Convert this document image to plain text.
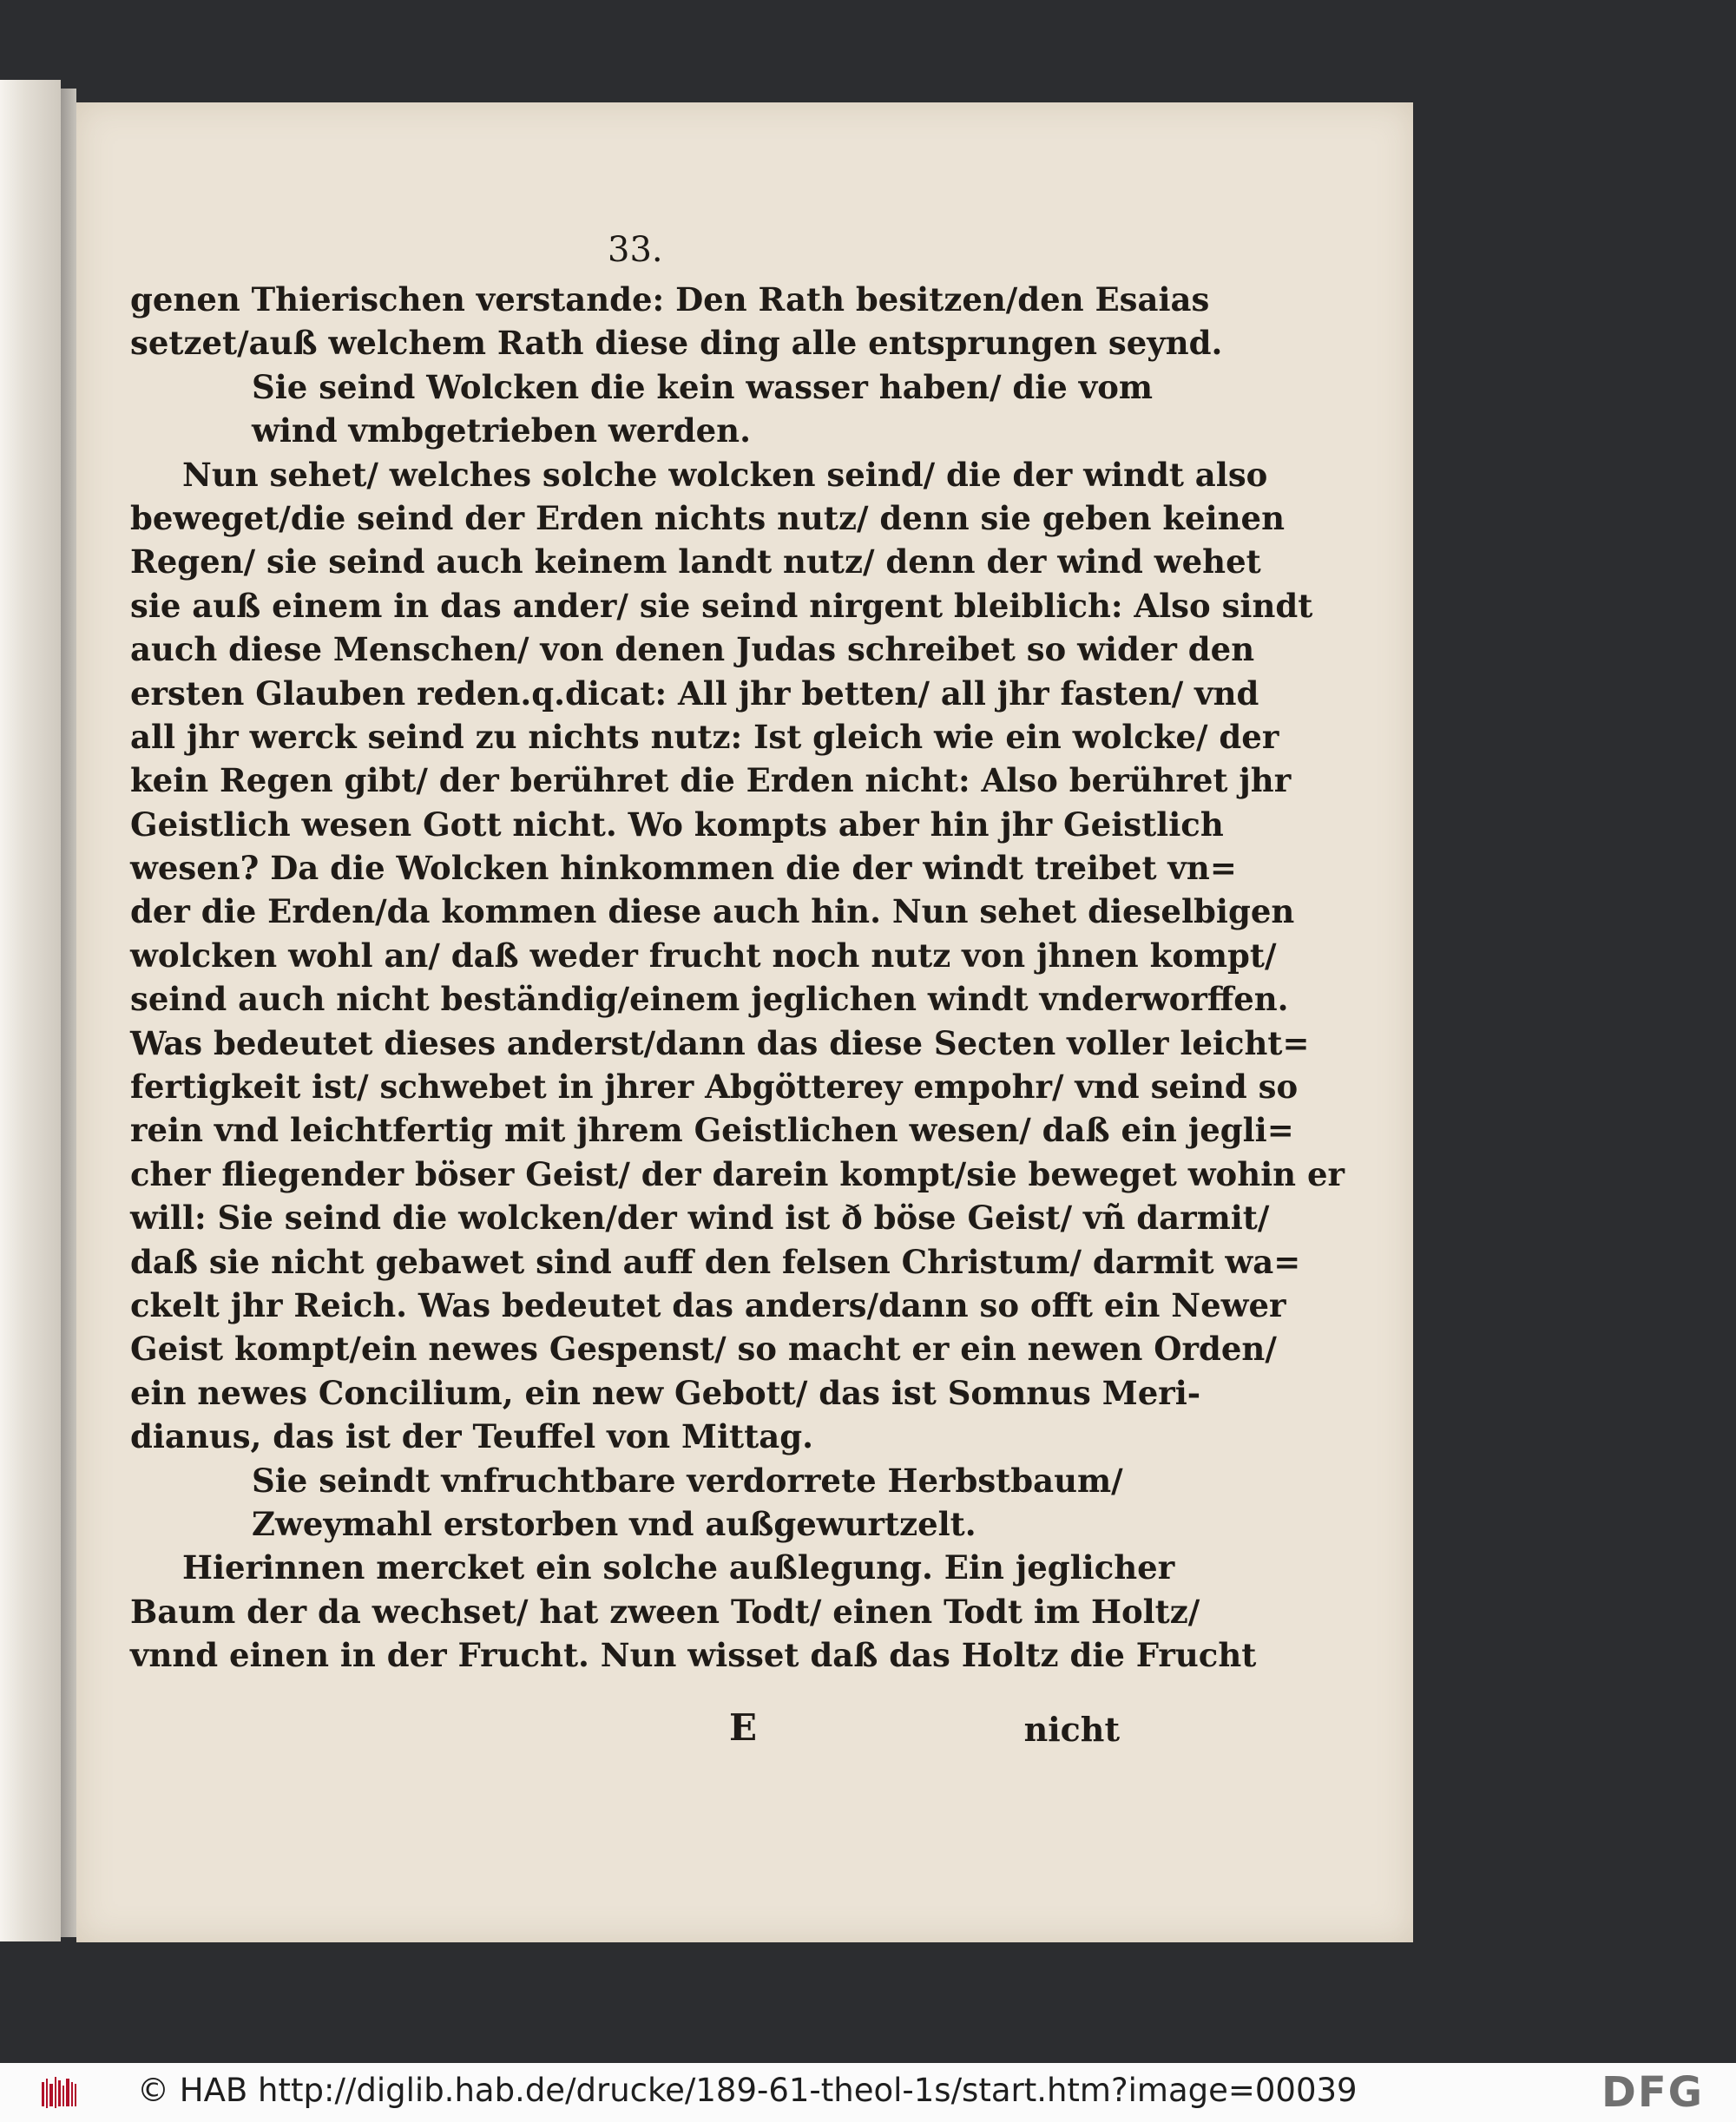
33.
genen Thierischen verstande: Den Rath besitzen/den Esaias
setzet/auß welchem Rath diese ding alle entsprungen seynd.
Sie seind Wolcken die kein wasser haben/ die vom
wind vmbgetrieben werden.
Nun sehet/ welches solche wolcken seind/ die der windt also
beweget/die seind der Erden nichts nutz/ denn sie geben keinen
Regen/ sie seind auch keinem landt nutz/ denn der wind wehet
sie auß einem in das ander/ sie seind nirgent bleiblich: Also sindt
auch diese Menschen/ von denen Judas schreibet so wider den
ersten Glauben reden.q.dicat: All jhr betten/ all jhr fasten/ vnd
all jhr werck seind zu nichts nutz: Ist gleich wie ein wolcke/ der
kein Regen gibt/ der berühret die Erden nicht: Also berühret jhr
Geistlich wesen Gott nicht. Wo kompts aber hin jhr Geistlich
wesen? Da die Wolcken hinkommen die der windt treibet vn=
der die Erden/da kommen diese auch hin. Nun sehet dieselbigen
wolcken wohl an/ daß weder frucht noch nutz von jhnen kompt/
seind auch nicht beständig/einem jeglichen windt vnderworffen.
Was bedeutet dieses anderst/dann das diese Secten voller leicht=
fertigkeit ist/ schwebet in jhrer Abgötterey empohr/ vnd seind so
rein vnd leichtfertig mit jhrem Geistlichen wesen/ daß ein jegli=
cher fliegender böser Geist/ der darein kompt/sie beweget wohin er
will: Sie seind die wolcken/der wind ist ð böse Geist/ vñ darmit/
daß sie nicht gebawet sind auff den felsen Christum/ darmit wa=
ckelt jhr Reich. Was bedeutet das anders/dann so offt ein Newer
Geist kompt/ein newes Gespenst/ so macht er ein newen Orden/
ein newes Concilium, ein new Gebott/ das ist Somnus Meri-
dianus, das ist der Teuffel von Mittag.
Sie seindt vnfruchtbare verdorrete Herbstbaum/
Zweymahl erstorben vnd außgewurtzelt.
Hierinnen mercket ein solche außlegung. Ein jeglicher
Baum der da wechset/ hat zween Todt/ einen Todt im Holtz/
vnnd einen in der Frucht. Nun wisset daß das Holtz die Frucht
E	nicht
© HAB http://diglib.hab.de/drucke/189-61-theol-1s/start.htm?image=00039	DFG
